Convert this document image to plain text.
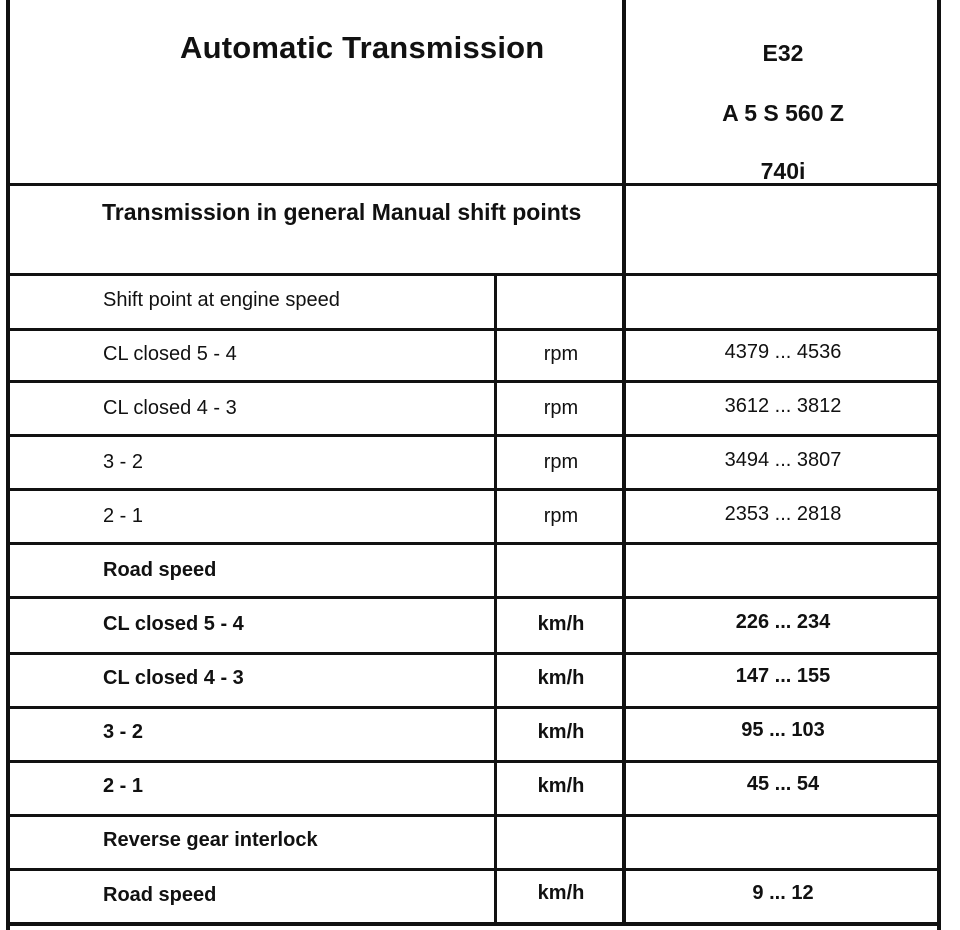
Automatic Transmission	E32
A 5 S 560 Z
740i
Transmission in general Manual shift points
Shift point at engine speed
CL closed 5 - 4	rpm	4379 ... 4536
CL closed 4 - 3	rpm	3612 ... 3812
3 - 2	rpm	3494 ... 3807
2 - 1	rpm	2353 ... 2818
Road speed
CL closed 5 - 4	km/h	226 ... 234
CL closed 4 - 3	km/h	147 ... 155
3 - 2	km/h	95 ... 103
2 - 1	km/h	45 ... 54
Reverse gear interlock
Road speed	km/h	9 ... 12
